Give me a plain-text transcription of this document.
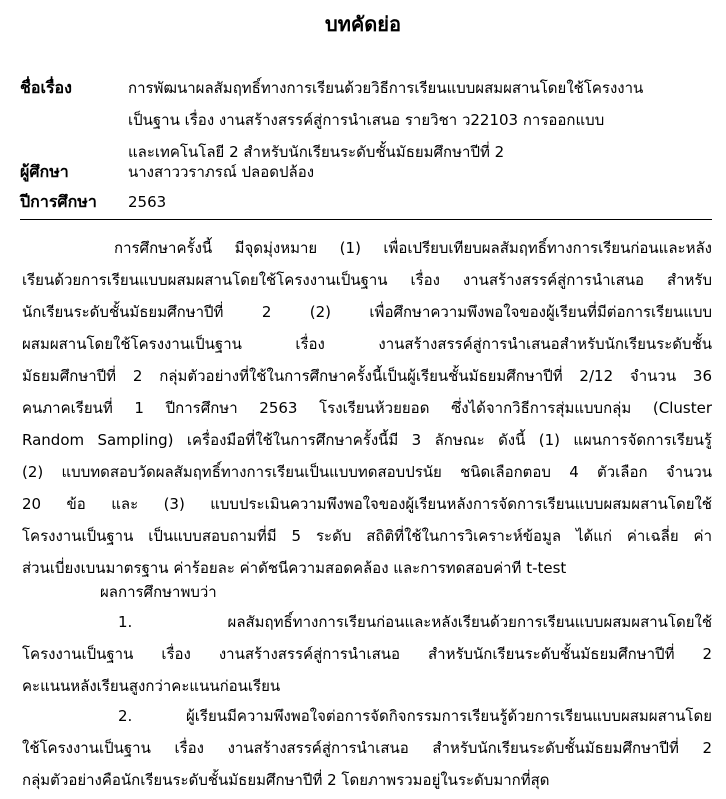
บทคัดย่อ
ชื่อเรื่อง	การพัฒนาผลสัมฤทธิ์ทางการเรียนด้วยวิธีการเรียนแบบผสมผสานโดยใช้โครงงาน
เป็นฐาน เรื่อง งานสร้างสรรค์สู่การนำเสนอ รายวิชา ว22103 การออกแบบ
และเทคโนโลยี 2 สำหรับนักเรียนระดับชั้นมัธยมศึกษาปีที่ 2
ผู้ศึกษา	นางสาววราภรณ์ ปลอดปล้อง
ปีการศึกษา	2563
การศึกษาครั้งนี้ มีจุดมุ่งหมาย (1) เพื่อเปรียบเทียบผลสัมฤทธิ์ทางการเรียนก่อนและหลัง
เรียนด้วยการเรียนแบบผสมผสานโดยใช้โครงงานเป็นฐาน เรื่อง งานสร้างสรรค์สู่การนำเสนอ สำหรับ
นักเรียนระดับชั้นมัธยมศึกษาปีที่ 2 (2) เพื่อศึกษาความพึงพอใจของผู้เรียนที่มีต่อการเรียนแบบ
ผสมผสานโดยใช้โครงงานเป็นฐาน เรื่อง งานสร้างสรรค์สู่การนำเสนอสำหรับนักเรียนระดับชั้น
มัธยมศึกษาปีที่ 2 กลุ่มตัวอย่างที่ใช้ในการศึกษาครั้งนี้เป็นผู้เรียนชั้นมัธยมศึกษาปีที่ 2/12 จำนวน 36
คนภาคเรียนที่ 1 ปีการศึกษา 2563 โรงเรียนห้วยยอด ซึ่งได้จากวิธีการสุ่มแบบกลุ่ม (Cluster
Random Sampling) เครื่องมือที่ใช้ในการศึกษาครั้งนี้มี 3 ลักษณะ ดังนี้ (1) แผนการจัดการเรียนรู้
(2) แบบทดสอบวัดผลสัมฤทธิ์ทางการเรียนเป็นแบบทดสอบปรนัย ชนิดเลือกตอบ 4 ตัวเลือก จำนวน
20 ข้อ และ (3) แบบประเมินความพึงพอใจของผู้เรียนหลังการจัดการเรียนแบบผสมผสานโดยใช้
โครงงานเป็นฐาน เป็นแบบสอบถามที่มี 5 ระดับ สถิติที่ใช้ในการวิเคราะห์ข้อมูล ได้แก่ ค่าเฉลี่ย ค่า
ส่วนเบี่ยงเบนมาตรฐาน ค่าร้อยละ ค่าดัชนีความสอดคล้อง และการทดสอบค่าที t-test
ผลการศึกษาพบว่า
1. ผลสัมฤทธิ์ทางการเรียนก่อนและหลังเรียนด้วยการเรียนแบบผสมผสานโดยใช้
โครงงานเป็นฐาน เรื่อง งานสร้างสรรค์สู่การนำเสนอ สำหรับนักเรียนระดับชั้นมัธยมศึกษาปีที่ 2
คะแนนหลังเรียนสูงกว่าคะแนนก่อนเรียน
2. ผู้เรียนมีความพึงพอใจต่อการจัดกิจกรรมการเรียนรู้ด้วยการเรียนแบบผสมผสานโดย
ใช้โครงงานเป็นฐาน เรื่อง งานสร้างสรรค์สู่การนำเสนอ สำหรับนักเรียนระดับชั้นมัธยมศึกษาปีที่ 2
กลุ่มตัวอย่างคือนักเรียนระดับชั้นมัธยมศึกษาปีที่ 2 โดยภาพรวมอยู่ในระดับมากที่สุด
